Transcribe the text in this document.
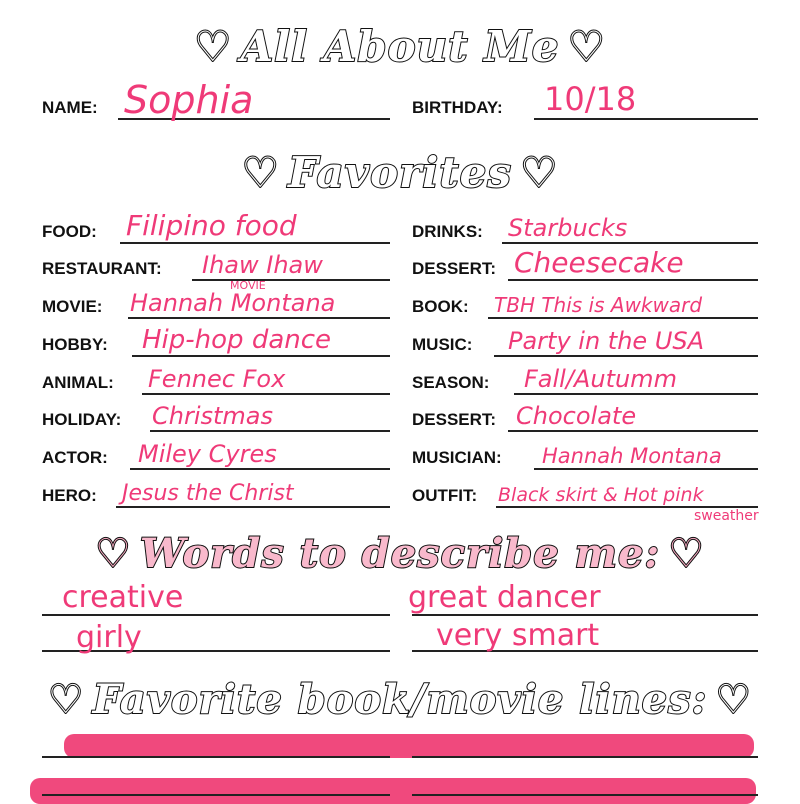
♡ All About Me ♡
NAME: Sophia	BIRTHDAY: 10/18
♡ Favorites ♡
FOOD: Filipino food
RESTAURANT: Ihaw Ihaw
MOVIE: Hannah Montana
MOVIE
HOBBY: Hip-hop dance
ANIMAL: Fennec Fox
HOLIDAY: Christmas
ACTOR: Miley Cyres
HERO: Jesus the Christ
DRINKS: Starbucks
DESSERT: Cheesecake
BOOK: TBH This is Awkward
MUSIC: Party in the USA
SEASON: Fall/Autumm
DESSERT: Chocolate
MUSICIAN: Hannah Montana
OUTFIT: Black skirt & Hot pink
sweather
♡ Words to describe me: ♡
creative
girly
great dancer
very smart
♡ Favorite book/movie lines: ♡
